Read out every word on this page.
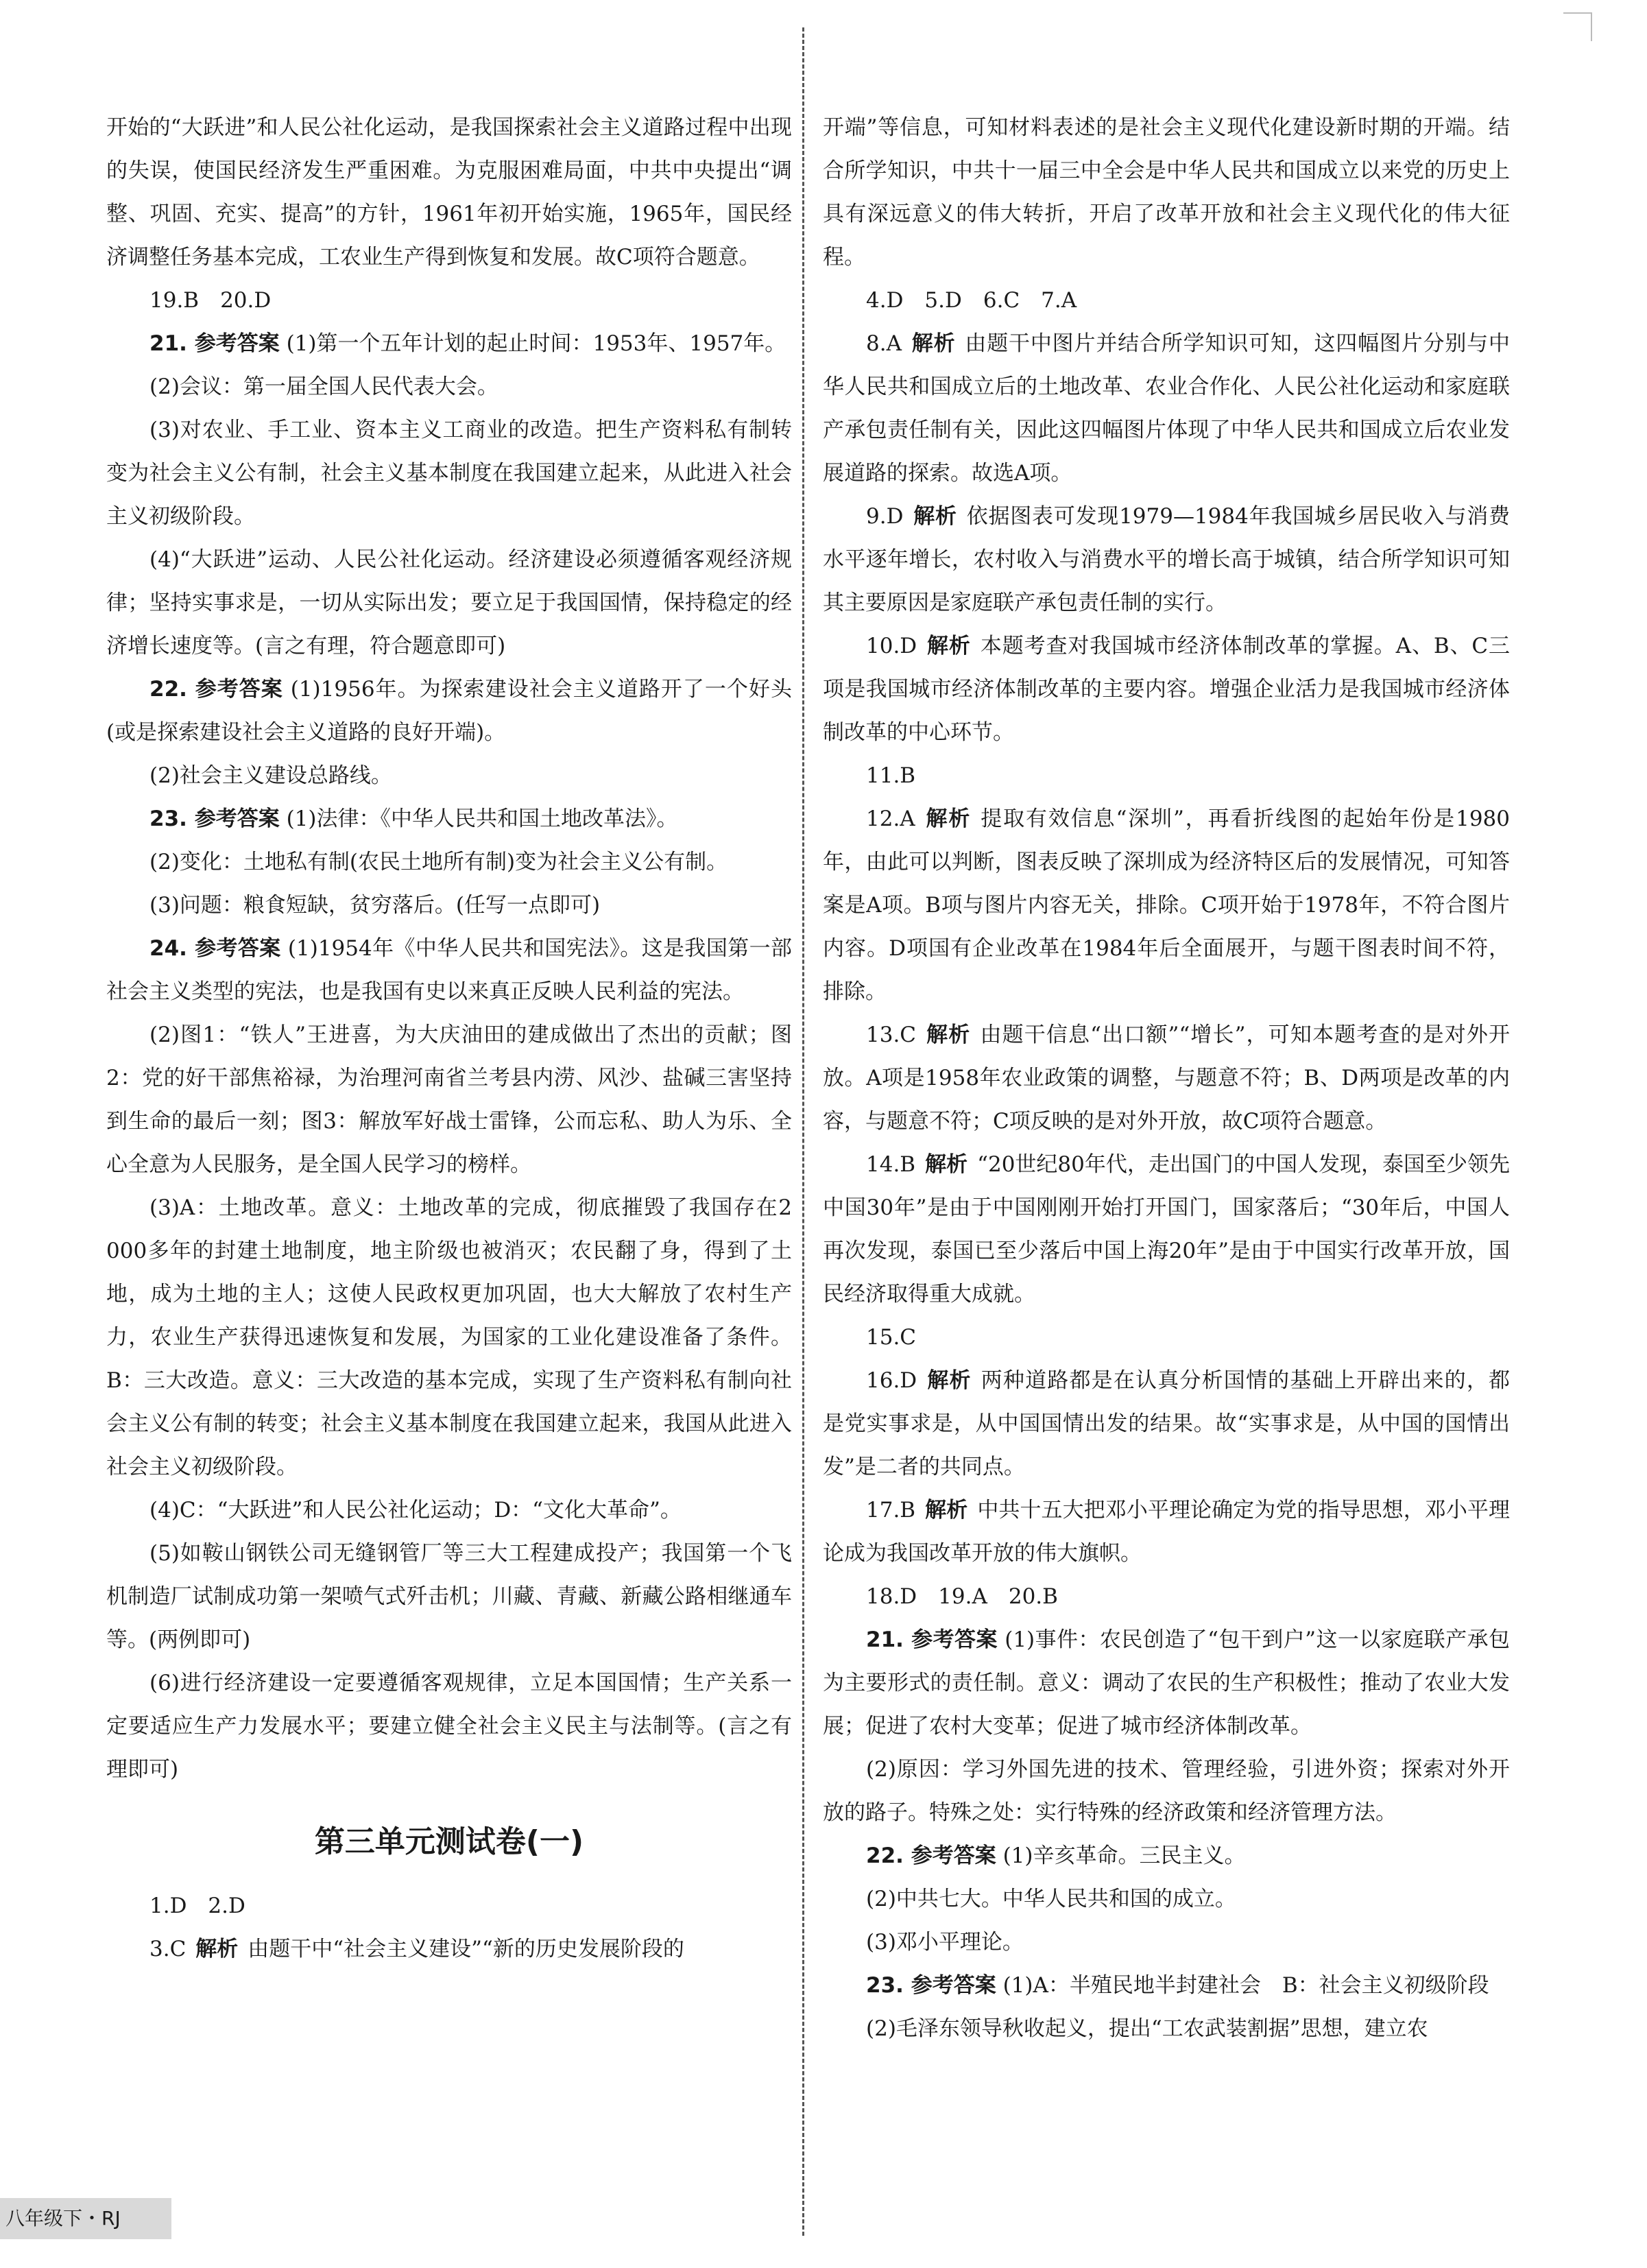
开始的“大跃进”和人民公社化运动，是我国探索社会主义道路过程中出现的失误，使国民经济发生严重困难。为克服困难局面，中共中央提出“调整、巩固、充实、提高”的方针，1961年初开始实施，1965年，国民经济调整任务基本完成，工农业生产得到恢复和发展。故C项符合题意。

19.B　20.D

21. 参考答案 (1)第一个五年计划的起止时间：1953年、1957年。

(2)会议：第一届全国人民代表大会。

(3)对农业、手工业、资本主义工商业的改造。把生产资料私有制转变为社会主义公有制，社会主义基本制度在我国建立起来，从此进入社会主义初级阶段。

(4)“大跃进”运动、人民公社化运动。经济建设必须遵循客观经济规律；坚持实事求是，一切从实际出发；要立足于我国国情，保持稳定的经济增长速度等。(言之有理，符合题意即可)

22. 参考答案 (1)1956年。为探索建设社会主义道路开了一个好头(或是探索建设社会主义道路的良好开端)。

(2)社会主义建设总路线。

23. 参考答案 (1)法律：《中华人民共和国土地改革法》。

(2)变化：土地私有制(农民土地所有制)变为社会主义公有制。

(3)问题：粮食短缺，贫穷落后。(任写一点即可)

24. 参考答案 (1)1954年《中华人民共和国宪法》。这是我国第一部社会主义类型的宪法，也是我国有史以来真正反映人民利益的宪法。

(2)图1：“铁人”王进喜，为大庆油田的建成做出了杰出的贡献；图2：党的好干部焦裕禄，为治理河南省兰考县内涝、风沙、盐碱三害坚持到生命的最后一刻；图3：解放军好战士雷锋，公而忘私、助人为乐、全心全意为人民服务，是全国人民学习的榜样。

(3)A：土地改革。意义：土地改革的完成，彻底摧毁了我国存在2 000多年的封建土地制度，地主阶级也被消灭；农民翻了身，得到了土地，成为土地的主人；这使人民政权更加巩固，也大大解放了农村生产力，农业生产获得迅速恢复和发展，为国家的工业化建设准备了条件。B：三大改造。意义：三大改造的基本完成，实现了生产资料私有制向社会主义公有制的转变；社会主义基本制度在我国建立起来，我国从此进入社会主义初级阶段。

(4)C：“大跃进”和人民公社化运动；D：“文化大革命”。

(5)如鞍山钢铁公司无缝钢管厂等三大工程建成投产；我国第一个飞机制造厂试制成功第一架喷气式歼击机；川藏、青藏、新藏公路相继通车等。(两例即可)

(6)进行经济建设一定要遵循客观规律，立足本国国情；生产关系一定要适应生产力发展水平；要建立健全社会主义民主与法制等。(言之有理即可)

第三单元测试卷(一)

1.D　2.D

3.C 解析 由题干中“社会主义建设”“新的历史发展阶段的

开端”等信息，可知材料表述的是社会主义现代化建设新时期的开端。结合所学知识，中共十一届三中全会是中华人民共和国成立以来党的历史上具有深远意义的伟大转折，开启了改革开放和社会主义现代化的伟大征程。

4.D　5.D　6.C　7.A

8.A 解析 由题干中图片并结合所学知识可知，这四幅图片分别与中华人民共和国成立后的土地改革、农业合作化、人民公社化运动和家庭联产承包责任制有关，因此这四幅图片体现了中华人民共和国成立后农业发展道路的探索。故选A项。

9.D 解析 依据图表可发现1979—1984年我国城乡居民收入与消费水平逐年增长，农村收入与消费水平的增长高于城镇，结合所学知识可知其主要原因是家庭联产承包责任制的实行。

10.D 解析 本题考查对我国城市经济体制改革的掌握。A、B、C三项是我国城市经济体制改革的主要内容。增强企业活力是我国城市经济体制改革的中心环节。

11.B

12.A 解析 提取有效信息“深圳”，再看折线图的起始年份是1980年，由此可以判断，图表反映了深圳成为经济特区后的发展情况，可知答案是A项。B项与图片内容无关，排除。C项开始于1978年，不符合图片内容。D项国有企业改革在1984年后全面展开，与题干图表时间不符，排除。

13.C 解析 由题干信息“出口额”“增长”，可知本题考查的是对外开放。A项是1958年农业政策的调整，与题意不符；B、D两项是改革的内容，与题意不符；C项反映的是对外开放，故C项符合题意。

14.B 解析 “20世纪80年代，走出国门的中国人发现，泰国至少领先中国30年”是由于中国刚刚开始打开国门，国家落后；“30年后，中国人再次发现，泰国已至少落后中国上海20年”是由于中国实行改革开放，国民经济取得重大成就。

15.C

16.D 解析 两种道路都是在认真分析国情的基础上开辟出来的，都是党实事求是，从中国国情出发的结果。故“实事求是，从中国的国情出发”是二者的共同点。

17.B 解析 中共十五大把邓小平理论确定为党的指导思想，邓小平理论成为我国改革开放的伟大旗帜。

18.D　19.A　20.B

21. 参考答案 (1)事件：农民创造了“包干到户”这一以家庭联产承包为主要形式的责任制。意义：调动了农民的生产积极性；推动了农业大发展；促进了农村大变革；促进了城市经济体制改革。

(2)原因：学习外国先进的技术、管理经验，引进外资；探索对外开放的路子。特殊之处：实行特殊的经济政策和经济管理方法。

22. 参考答案 (1)辛亥革命。三民主义。

(2)中共七大。中华人民共和国的成立。

(3)邓小平理论。

23. 参考答案 (1)A：半殖民地半封建社会　B：社会主义初级阶段

(2)毛泽东领导秋收起义，提出“工农武装割据”思想，建立农

八年级下・RJ
